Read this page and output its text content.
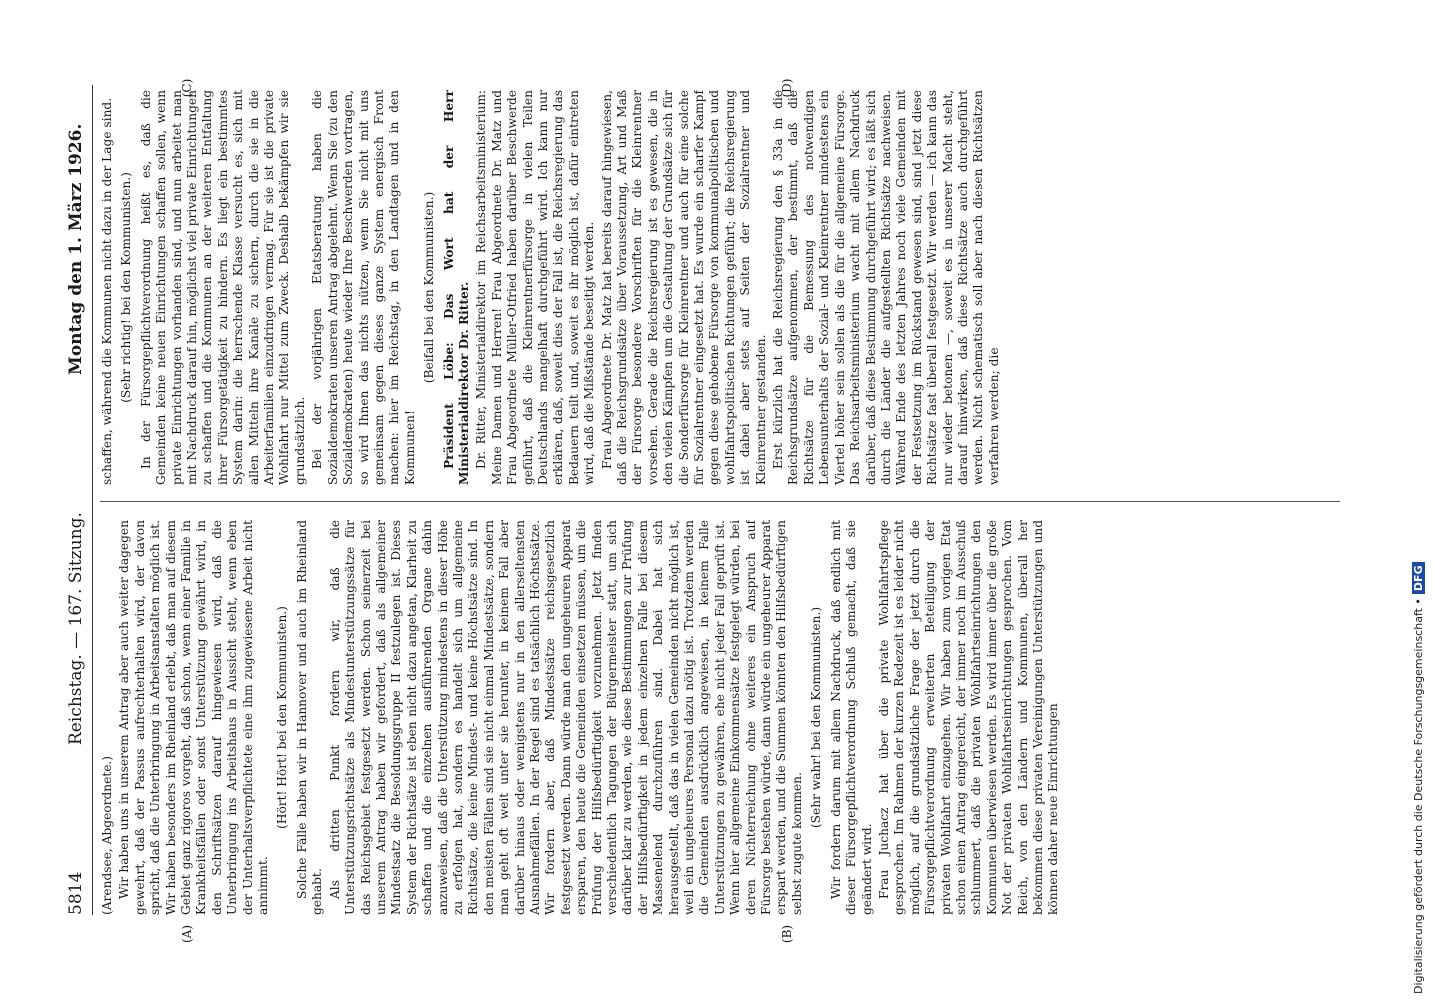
5814
Reichstag. — 167. Sitzung.
Montag den 1. März 1926.

(Arendsee, Abgeordnete.) Wir haben uns in unserem Antrag aber auch weiter dagegen gewehrt, daß der Passus aufrechterhalten wird, der davon spricht, daß die Unterbringung in Arbeitsanstalten möglich ist. Wir haben besonders im Rheinland erlebt, daß man auf diesem Gebiet ganz rigoros vorgeht, daß schon, wenn einer Familie in Krankheitsfällen oder sonst Unterstützung gewährt wird, in den Schriftsätzen darauf hingewiesen wird, daß die Unterbringung ins Arbeitshaus in Aussicht steht, wenn eben der Unterhaltsverpflichtete eine ihm zugewiesene Arbeit nicht annimmt.

(Hört! Hört! bei den Kommunisten.) Solche Fälle haben wir in Hannover und auch im Rheinland gehabt. Als dritten Punkt fordern wir, daß die Unterstützungsrichtsätze als Mindestunterstützungssätze für das Reichsgebiet festgesetzt werden. Schon seinerzeit bei unserem Antrag haben wir gefordert, daß als allgemeiner Mindestsatz die Besoldungsgruppe II festzulegen ist. Dieses System der Richtsätze ist eben nicht dazu angetan, Klarheit zu schaffen und die einzelnen ausführenden Organe dahin anzuweisen, daß die Unterstützung mindestens in dieser Höhe zu erfolgen hat, sondern es handelt sich um allgemeine Richtsätze, die keine Mindest- und keine Höchstsätze sind. In den meisten Fällen sind sie nicht einmal Mindestsätze, sondern man geht oft weit unter sie herunter, in keinem Fall aber darüber hinaus oder wenigstens nur in den allerseltensten Ausnahmefällen. In der Regel sind es tatsächlich Höchstsätze. Wir fordern aber, daß Mindestsätze reichsgesetzlich festgesetzt werden. Dann würde man den ungeheuren Apparat ersparen, den heute die Gemeinden einsetzen müssen, um die Prüfung der Hilfsbedürftigkeit vorzunehmen. Jetzt finden verschiedentlich Tagungen der Bürgermeister statt, um sich darüber klar zu werden, wie diese Bestimmungen zur Prüfung der Hilfsbedürftigkeit in jedem einzelnen Falle bei diesem Massenelend durchzuführen sind. Dabei hat sich herausgestellt, daß das in vielen Gemeinden nicht möglich ist, weil ein ungeheures Personal dazu nötig ist. Trotzdem werden die Gemeinden ausdrücklich angewiesen, in keinem Falle Unterstützungen zu gewähren, ehe nicht jeder Fall geprüft ist. Wenn hier allgemeine Einkommensätze festgelegt würden, bei deren Nichterreichung ohne weiteres ein Anspruch auf Fürsorge bestehen würde, dann würde ein ungeheurer Apparat erspart werden, und die Summen könnten den Hilfsbedürftigen selbst zugute kommen.

(Sehr wahr! bei den Kommunisten.) Wir fordern darum mit allem Nachdruck, daß endlich mit dieser Fürsorgepflichtverordnung Schluß gemacht, daß sie geändert wird. Frau Juchacz hat über die private Wohlfahrtspflege gesprochen. Im Rahmen der kurzen Redezeit ist es leider nicht möglich, auf die grundsätzliche Frage der jetzt durch die Fürsorgepflichtverordnung erweiterten Beteiligung der privaten Wohlfahrt einzugehen. Wir haben zum vorigen Etat schon einen Antrag eingereicht, der immer noch im Ausschuß schlummert, daß die privaten Wohlfahrtseinrichtungen den Kommunen überwiesen werden. Es wird immer über die große Not der privaten Wohlfahrtseinrichtungen gesprochen. Vom Reich, von den Ländern und Kommunen, überall her bekommen diese privaten Vereinigungen Unterstützungen und können daher neue Einrichtungen

schaffen, während die Kommunen nicht dazu in der Lage sind. (Sehr richtig! bei den Kommunisten.) In der Fürsorgepflichtverordnung heißt es, daß die Gemeinden keine neuen Einrichtungen schaffen sollen, wenn private Einrichtungen vorhanden sind, und nun arbeitet man mit Nachdruck darauf hin, möglichst viel private Einrichtungen zu schaffen und die Kommunen an der weiteren Entfaltung ihrer Fürsorgetätigkeit zu hindern. Es liegt ein bestimmtes System darin: die herrschende Klasse versucht es, sich mit allen Mitteln ihre Kanäle zu sichern, durch die sie in die Arbeiterfamilien einzudringen vermag. Für sie ist die private Wohlfahrt nur Mittel zum Zweck. Deshalb bekämpfen wir sie grundsätzlich. Bei der vorjährigen Etatsberatung haben die Sozialdemokraten unseren Antrag abgelehnt. Wenn Sie (zu den Sozialdemokraten) heute wieder Ihre Beschwerden vortragen, so wird Ihnen das nichts nützen, wenn Sie nicht mit uns gemeinsam gegen dieses ganze System energisch Front machen: hier im Reichstag, in den Landtagen und in den Kommunen!

(Beifall bei den Kommunisten.) Präsident Löbe: Das Wort hat der Herr Ministerialdirektor Dr. Ritter. Dr. Ritter, Ministerialdirektor im Reichsarbeitsministerium: Meine Damen und Herren! Frau Abgeordnete Dr. Matz und Frau Abgeordnete Müller-Otfried haben darüber Beschwerde geführt, daß die Kleinrentnerfürsorge in vielen Teilen Deutschlands mangelhaft durchgeführt wird. Ich kann nur erklären, daß, soweit dies der Fall ist, die Reichsregierung das Bedauern teilt und, soweit es ihr möglich ist, dafür eintreten wird, daß die Mißstände beseitigt werden. Frau Abgeordnete Dr. Matz hat bereits darauf hingewiesen, daß die Reichsgrundsätze über Voraussetzung, Art und Maß der Fürsorge besondere Vorschriften für die Kleinrentner vorsehen. Gerade die Reichsregierung ist es gewesen, die in den vielen Kämpfen um die Gestaltung der Grundsätze sich für die Sonderfürsorge für Kleinrentner und auch für eine solche für Sozialrentner eingesetzt hat. Es wurde ein scharfer Kampf gegen diese gehobene Fürsorge von kommunalpolitischen und wohlfahrtspolitischen Richtungen geführt; die Reichsregierung ist dabei aber stets auf Seiten der Sozialrentner und Kleinrentner gestanden. Erst kürzlich hat die Reichsregierung den § 33a in die Reichsgrundsätze aufgenommen, der bestimmt, daß die Richtsätze für die Bemessung des notwendigen Lebensunterhalts der Sozial- und Kleinrentner mindestens ein Viertel höher sein sollen als die für die allgemeine Fürsorge. Das Reichsarbeitsministerium wacht mit allem Nachdruck darüber, daß diese Bestimmung durchgeführt wird; es läßt sich durch die Länder die aufgestellten Richtsätze nachweisen. Während Ende des letzten Jahres noch viele Gemeinden mit der Festsetzung im Rückstand gewesen sind, sind jetzt diese Richtsätze fast überall festgesetzt. Wir werden — ich kann das nur wieder betonen —, soweit es in unserer Macht steht, darauf hinwirken, daß diese Richtsätze auch durchgeführt werden. Nicht schematisch soll aber nach diesen Richtsätzen verfahren werden; die

(A)	(B)
(C)	(D)
Digitalisierung gefördert durch die Deutsche Forschungsgemeinschaft •DFG
